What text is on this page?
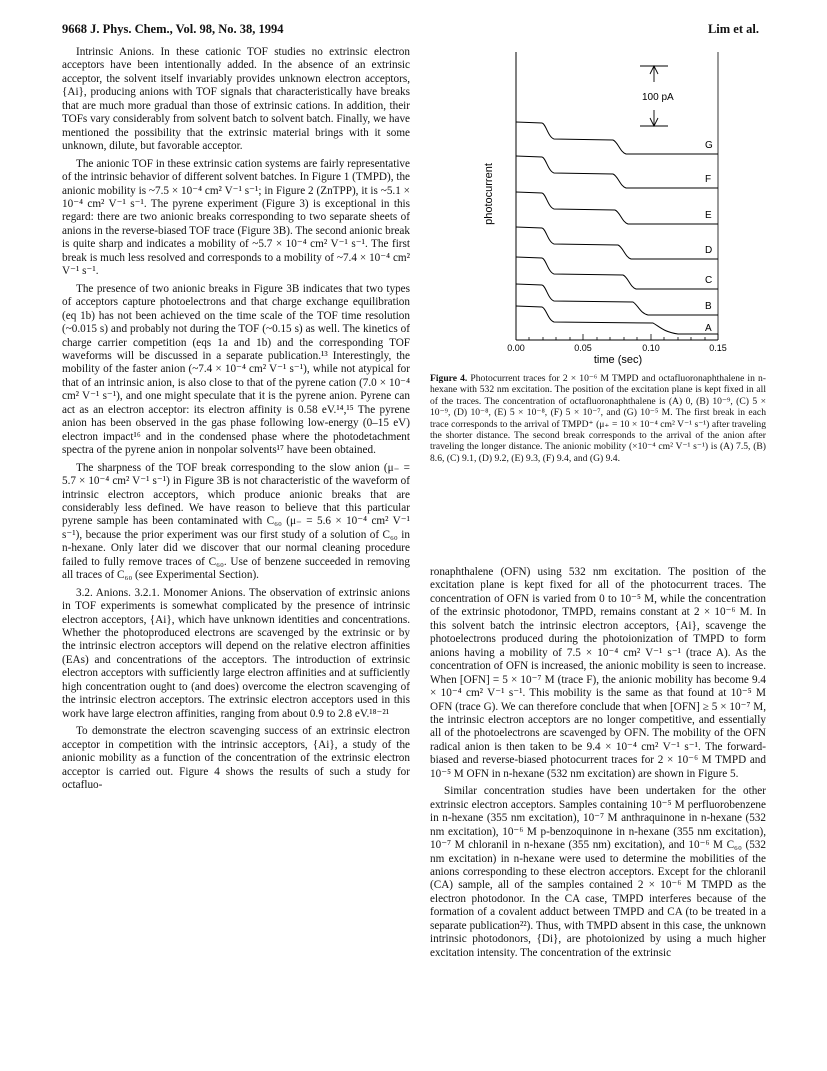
9668 J. Phys. Chem., Vol. 98, No. 38, 1994	Lim et al.

Intrinsic Anions. In these cationic TOF studies no extrinsic electron acceptors have been intentionally added. In the absence of an extrinsic acceptor, the solvent itself invariably provides unknown electron acceptors, {Ai}, producing anions with TOF signals that characteristically have breaks that are much more gradual than those of extrinsic cations. In addition, their TOFs vary considerably from solvent batch to solvent batch. Finally, we have mentioned the possibility that the extrinsic material brings with it some unknown, dilute, but favorable acceptor.

The anionic TOF in these extrinsic cation systems are fairly representative of the intrinsic behavior of different solvent batches. In Figure 1 (TMPD), the anionic mobility is ~7.5 × 10⁻⁴ cm² V⁻¹ s⁻¹; in Figure 2 (ZnTPP), it is ~5.1 × 10⁻⁴ cm² V⁻¹ s⁻¹. The pyrene experiment (Figure 3) is exceptional in this regard: there are two anionic breaks corresponding to two separate sheets of anions in the reverse-biased TOF trace (Figure 3B). The second anionic break is quite sharp and indicates a mobility of ~5.7 × 10⁻⁴ cm² V⁻¹ s⁻¹. The first break is much less resolved and corresponds to a mobility of ~7.4 × 10⁻⁴ cm² V⁻¹ s⁻¹.

The presence of two anionic breaks in Figure 3B indicates that two types of acceptors capture photoelectrons and that charge exchange equilibration (eq 1b) has not been achieved on the time scale of the TOF time resolution (~0.015 s) and probably not during the TOF (~0.15 s) as well. The kinetics of charge carrier competition (eqs 1a and 1b) and the corresponding TOF waveforms will be discussed in a separate publication.¹³ Interestingly, the mobility of the faster anion (~7.4 × 10⁻⁴ cm² V⁻¹ s⁻¹), while not atypical for that of an intrinsic anion, is also close to that of the pyrene cation (7.0 × 10⁻⁴ cm² V⁻¹ s⁻¹), and one might speculate that it is the pyrene anion. Pyrene can act as an electron acceptor: its electron affinity is 0.58 eV.¹⁴,¹⁵ The pyrene anion has been observed in the gas phase following low-energy (0–15 eV) electron impact¹⁶ and in the condensed phase where the photodetachment spectra of the pyrene anion in nonpolar solvents¹⁷ have been obtained.

The sharpness of the TOF break corresponding to the slow anion (μ₋ = 5.7 × 10⁻⁴ cm² V⁻¹ s⁻¹) in Figure 3B is not characteristic of the waveform of intrinsic electron acceptors, which produce anionic breaks that are considerably less defined. We have reason to believe that this particular pyrene sample has been contaminated with C₆₀ (μ₋ = 5.6 × 10⁻⁴ cm² V⁻¹ s⁻¹), because the prior experiment was our first study of a solution of C₆₀ in n-hexane. Only later did we discover that our normal cleaning procedure failed to fully remove traces of C₆₀. Use of benzene succeeded in removing all traces of C₆₀ (see Experimental Section).

3.2. Anions. 3.2.1. Monomer Anions. The observation of extrinsic anions in TOF experiments is somewhat complicated by the presence of intrinsic electron acceptors, {Ai}, which have unknown identities and concentrations. Whether the photoproduced electrons are scavenged by the extrinsic or by the intrinsic electron acceptors will depend on the relative electron affinities (EAs) and concentrations of the acceptors. The introduction of extrinsic electron acceptors with sufficiently large electron affinities and at sufficiently high concentration ought to (and does) overcome the electron scavenging of the intrinsic electron acceptors. The extrinsic electron acceptors used in this work have large electron affinities, ranging from about 0.9 to 2.8 eV.¹⁸⁻²¹

To demonstrate the electron scavenging success of an extrinsic electron acceptor in competition with the intrinsic acceptors, {Ai}, a study of the anionic mobility as a function of the concentration of the extrinsic electron acceptor is carried out. Figure 4 shows the results of such a study for octafluo-

0.00	0.05	0.10	0.15
time (sec)
photocurrent
100 pA
G
F
E
D
C
B
A
Figure 4. Photocurrent traces for 2 × 10⁻⁶ M TMPD and octafluoronaphthalene in n-hexane with 532 nm excitation. The position of the excitation plane is kept fixed in all of the traces. The concentration of octafluoronaphthalene is (A) 0, (B) 10⁻⁹, (C) 5 × 10⁻⁹, (D) 10⁻⁸, (E) 5 × 10⁻⁸, (F) 5 × 10⁻⁷, and (G) 10⁻⁵ M. The first break in each trace corresponds to the arrival of TMPD⁺ (μ₊ = 10 × 10⁻⁴ cm² V⁻¹ s⁻¹) after traveling the shorter distance. The second break corresponds to the arrival of the anion after traveling the longer distance. The anionic mobility (×10⁻⁴ cm² V⁻¹ s⁻¹) is (A) 7.5, (B) 8.6, (C) 9.1, (D) 9.2, (E) 9.3, (F) 9.4, and (G) 9.4.

ronaphthalene (OFN) using 532 nm excitation. The position of the excitation plane is kept fixed for all of the photocurrent traces. The concentration of OFN is varied from 0 to 10⁻⁵ M, while the concentration of the extrinsic photodonor, TMPD, remains constant at 2 × 10⁻⁶ M. In this solvent batch the intrinsic electron acceptors, {Ai}, scavenge the photoelectrons produced during the photoionization of TMPD to form anions having a mobility of 7.5 × 10⁻⁴ cm² V⁻¹ s⁻¹ (trace A). As the concentration of OFN is increased, the anionic mobility is seen to increase. When [OFN] = 5 × 10⁻⁷ M (trace F), the anionic mobility has become 9.4 × 10⁻⁴ cm² V⁻¹ s⁻¹. This mobility is the same as that found at 10⁻⁵ M OFN (trace G). We can therefore conclude that when [OFN] ≥ 5 × 10⁻⁷ M, the intrinsic electron acceptors are no longer competitive, and essentially all of the photoelectrons are scavenged by OFN. The mobility of the OFN radical anion is then taken to be 9.4 × 10⁻⁴ cm² V⁻¹ s⁻¹. The forward-biased and reverse-biased photocurrent traces for 2 × 10⁻⁶ M TMPD and 10⁻⁵ M OFN in n-hexane (532 nm excitation) are shown in Figure 5.

Similar concentration studies have been undertaken for the other extrinsic electron acceptors. Samples containing 10⁻⁵ M perfluorobenzene in n-hexane (355 nm excitation), 10⁻⁷ M anthraquinone in n-hexane (532 nm excitation), 10⁻⁶ M p-benzoquinone in n-hexane (355 nm excitation), 10⁻⁷ M chloranil in n-hexane (355 nm) excitation), and 10⁻⁶ M C₆₀ (532 nm excitation) in n-hexane were used to determine the mobilities of the anions corresponding to these electron acceptors. Except for the chloranil (CA) sample, all of the samples contained 2 × 10⁻⁶ M TMPD as the electron photodonor. In the CA case, TMPD interferes because of the formation of a covalent adduct between TMPD and CA (to be treated in a separate publication²²). Thus, with TMPD absent in this case, the unknown intrinsic photodonors, {Di}, are photoionized by using a much higher excitation intensity. The concentration of the extrinsic
